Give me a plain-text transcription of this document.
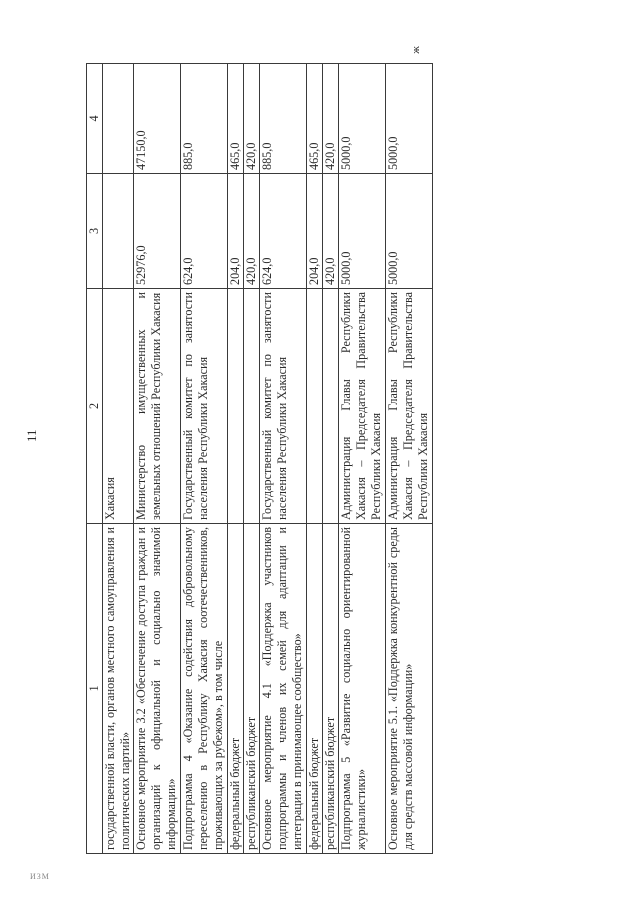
11
ж
ИЗМ
1	2	3	4
государственной власти, органов местного самоуправления и политических партий»	Хакасия		
Основное мероприятие 3.2 «Обеспечение доступа граждан и организаций к официальной и социально значимой информации»	Министерство имущественных и земельных отношений Республики Хакасия	52976,0	47150,0
Подпрограмма 4 «Оказание содействия добровольному переселению в Республику Хакасия соотечественников, проживающих за рубежом», в том числе	Государственный комитет по занятости населения Республики Хакасия	624,0	885,0
федеральный бюджет		204,0	465,0
республиканский бюджет		420,0	420,0
Основное мероприятие 4.1 «Поддержка участников подпрограммы и членов их семей для адаптации и интеграции в принимающее сообщество»	Государственный комитет по занятости населения Республики Хакасия	624,0	885,0
федеральный бюджет		204,0	465,0
республиканский бюджет		420,0	420,0
Подпрограмма 5 «Развитие социально ориентированной журналистики»	Администрация Главы Республики Хакасия – Председателя Правительства Республики Хакасия	5000,0	5000,0
Основное мероприятие 5.1. «Поддержка конкурентной среды для средств массовой информации»	Администрация Главы Республики Хакасия – Председателя Правительства Республики Хакасия	5000,0	5000,0
